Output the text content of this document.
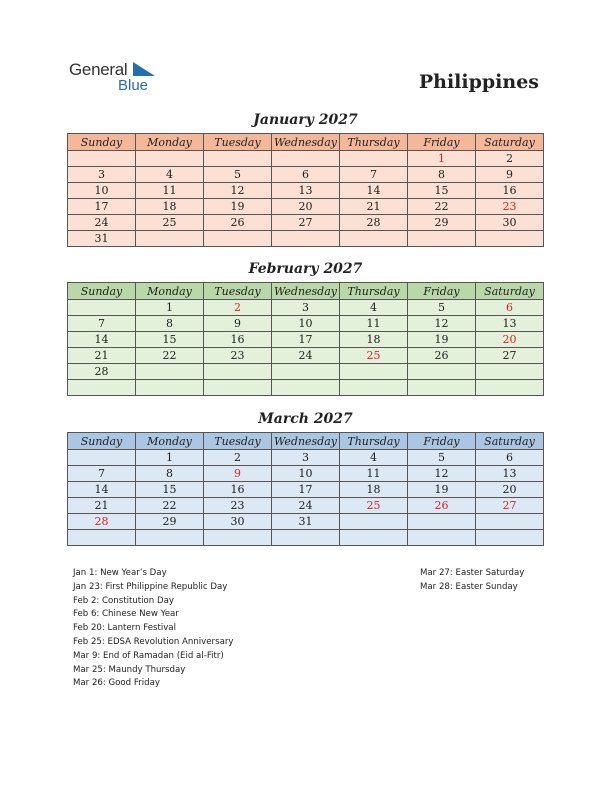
General
Blue	Philippines
January 2027
Sunday	Monday	Tuesday	Wednesday	Thursday	Friday	Saturday
					1	2
3	4	5	6	7	8	9
10	11	12	13	14	15	16
17	18	19	20	21	22	23
24	25	26	27	28	29	30
31						
February 2027
Sunday	Monday	Tuesday	Wednesday	Thursday	Friday	Saturday
	1	2	3	4	5	6
7	8	9	10	11	12	13
14	15	16	17	18	19	20
21	22	23	24	25	26	27
28						

March 2027
Sunday	Monday	Tuesday	Wednesday	Thursday	Friday	Saturday
	1	2	3	4	5	6
7	8	9	10	11	12	13
14	15	16	17	18	19	20
21	22	23	24	25	26	27
28	29	30	31			

Jan 1: New Year’s Day
Jan 23: First Philippine Republic Day
Feb 2: Constitution Day
Feb 6: Chinese New Year
Feb 20: Lantern Festival
Feb 25: EDSA Revolution Anniversary
Mar 9: End of Ramadan (Eid al-Fitr)
Mar 25: Maundy Thursday
Mar 26: Good Friday
Mar 27: Easter Saturday
Mar 28: Easter Sunday
